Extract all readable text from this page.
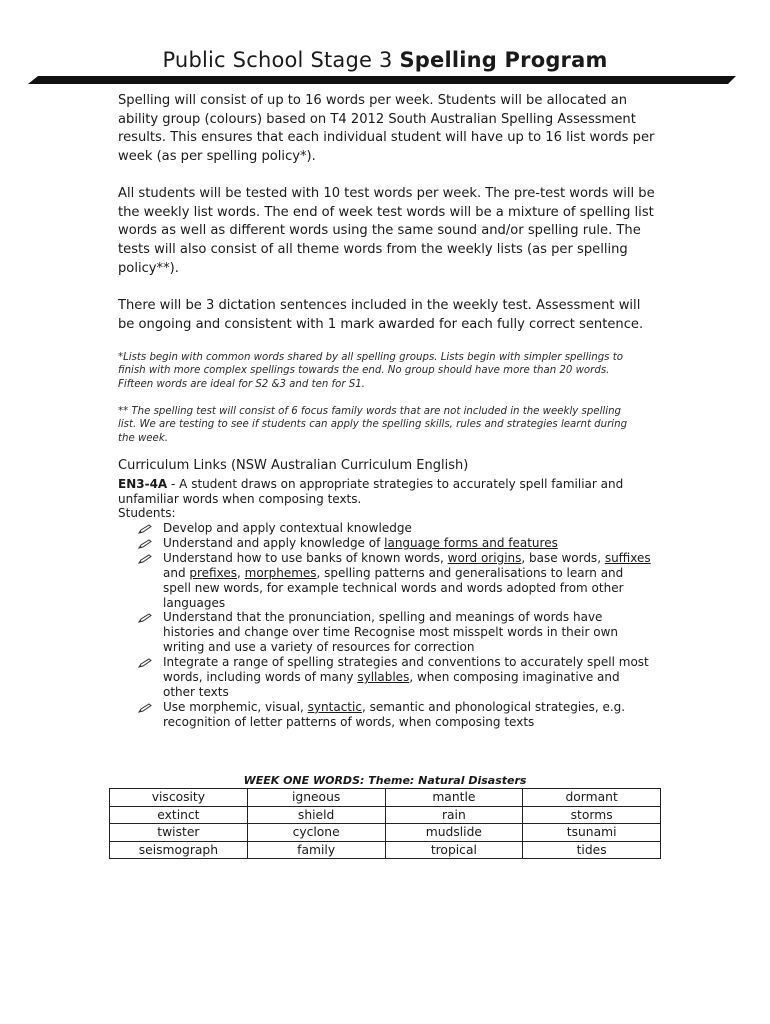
Public School Stage 3 Spelling Program

Spelling will consist of up to 16 words per week. Students will be allocated an ability group (colours) based on T4 2012 South Australian Spelling Assessment results. This ensures that each individual student will have up to 16 list words per week (as per spelling policy*).

All students will be tested with 10 test words per week. The pre-test words will be the weekly list words. The end of week test words will be a mixture of spelling list words as well as different words using the same sound and/or spelling rule. The tests will also consist of all theme words from the weekly lists (as per spelling policy**).

There will be 3 dictation sentences included in the weekly test. Assessment will be ongoing and consistent with 1 mark awarded for each fully correct sentence.

*Lists begin with common words shared by all spelling groups. Lists begin with simpler spellings to finish with more complex spellings towards the end. No group should have more than 20 words. Fifteen words are ideal for S2 &3 and ten for S1.

** The spelling test will consist of 6 focus family words that are not included in the weekly spelling list. We are testing to see if students can apply the spelling skills, rules and strategies learnt during the week.

Curriculum Links (NSW Australian Curriculum English)

EN3-4A - A student draws on appropriate strategies to accurately spell familiar and unfamiliar words when composing texts.

Students:

Develop and apply contextual knowledge
Understand and apply knowledge of language forms and features
Understand how to use banks of known words, word origins, base words, suffixes and prefixes, morphemes, spelling patterns and generalisations to learn and spell new words, for example technical words and words adopted from other languages
Understand that the pronunciation, spelling and meanings of words have histories and change over time Recognise most misspelt words in their own writing and use a variety of resources for correction
Integrate a range of spelling strategies and conventions to accurately spell most words, including words of many syllables, when composing imaginative and other texts
Use morphemic, visual, syntactic, semantic and phonological strategies, e.g. recognition of letter patterns of words, when composing texts
WEEK ONE WORDS: Theme: Natural Disasters
viscosity	igneous	mantle	dormant
extinct	shield	rain	storms
twister	cyclone	mudslide	tsunami
seismograph	family	tropical	tides
